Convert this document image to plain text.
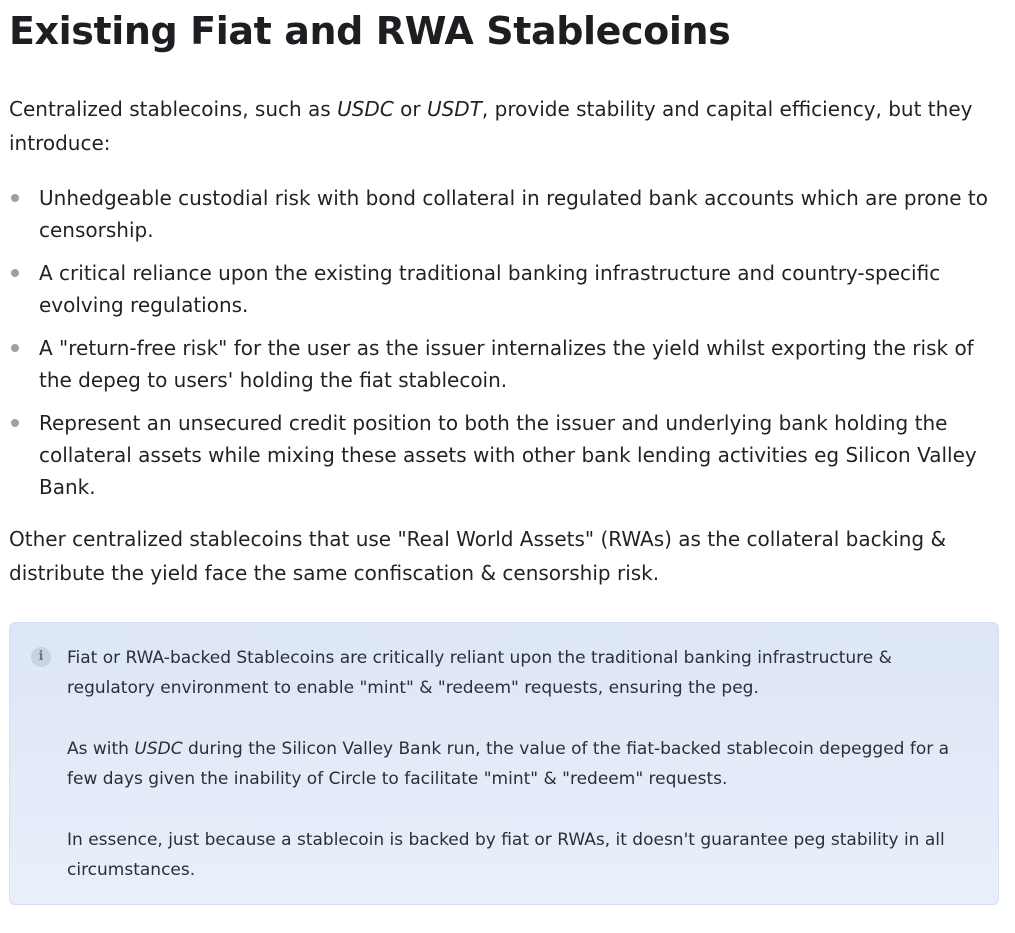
Existing Fiat and RWA Stablecoins

Centralized stablecoins, such as USDC or USDT, provide stability and capital efficiency, but they introduce:

Unhedgeable custodial risk with bond collateral in regulated bank accounts which are prone to censorship.
A critical reliance upon the existing traditional banking infrastructure and country-specific evolving regulations.
A "return-free risk" for the user as the issuer internalizes the yield whilst exporting the risk of the depeg to users' holding the fiat stablecoin.
Represent an unsecured credit position to both the issuer and underlying bank holding the collateral assets while mixing these assets with other bank lending activities eg Silicon Valley Bank.

Other centralized stablecoins that use "Real World Assets" (RWAs) as the collateral backing & distribute the yield face the same confiscation & censorship risk.

i	Fiat or RWA-backed Stablecoins are critically reliant upon the traditional banking infrastructure & regulatory environment to enable "mint" & "redeem" requests, ensuring the peg.

As with USDC during the Silicon Valley Bank run, the value of the fiat-backed stablecoin depegged for a few days given the inability of Circle to facilitate "mint" & "redeem" requests.

In essence, just because a stablecoin is backed by fiat or RWAs, it doesn't guarantee peg stability in all circumstances.
